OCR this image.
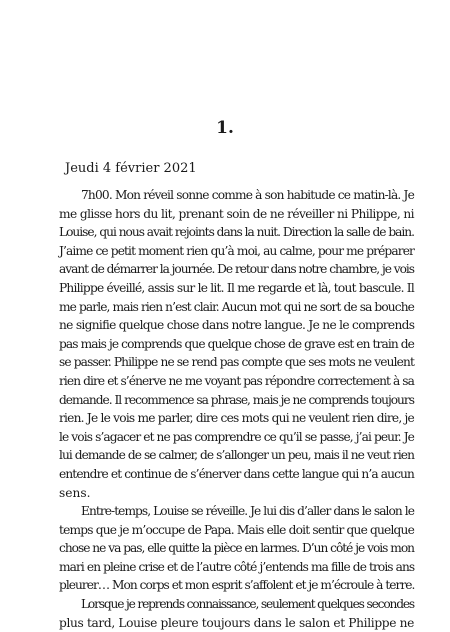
1.
Jeudi 4 février 2021
7h00. Mon réveil sonne comme à son habitude ce matin-là. Je
me glisse hors du lit, prenant soin de ne réveiller ni Philippe, ni
Louise, qui nous avait rejoints dans la nuit. Direction la salle de bain.
J’aime ce petit moment rien qu’à moi, au calme, pour me préparer
avant de démarrer la journée. De retour dans notre chambre, je vois
Philippe éveillé, assis sur le lit. Il me regarde et là, tout bascule. Il
me parle, mais rien n’est clair. Aucun mot qui ne sort de sa bouche
ne signifie quelque chose dans notre langue. Je ne le comprends
pas mais je comprends que quelque chose de grave est en train de
se passer. Philippe ne se rend pas compte que ses mots ne veulent
rien dire et s’énerve ne me voyant pas répondre correctement à sa
demande. Il recommence sa phrase, mais je ne comprends toujours
rien. Je le vois me parler, dire ces mots qui ne veulent rien dire, je
le vois s’agacer et ne pas comprendre ce qu’il se passe, j’ai peur. Je
lui demande de se calmer, de s’allonger un peu, mais il ne veut rien
entendre et continue de s’énerver dans cette langue qui n’a aucun
sens.
Entre-temps, Louise se réveille. Je lui dis d’aller dans le salon le
temps que je m’occupe de Papa. Mais elle doit sentir que quelque
chose ne va pas, elle quitte la pièce en larmes. D’un côté je vois mon
mari en pleine crise et de l’autre côté j’entends ma fille de trois ans
pleurer… Mon corps et mon esprit s’affolent et je m’écroule à terre.
Lorsque je reprends connaissance, seulement quelques secondes
plus tard, Louise pleure toujours dans le salon et Philippe ne
